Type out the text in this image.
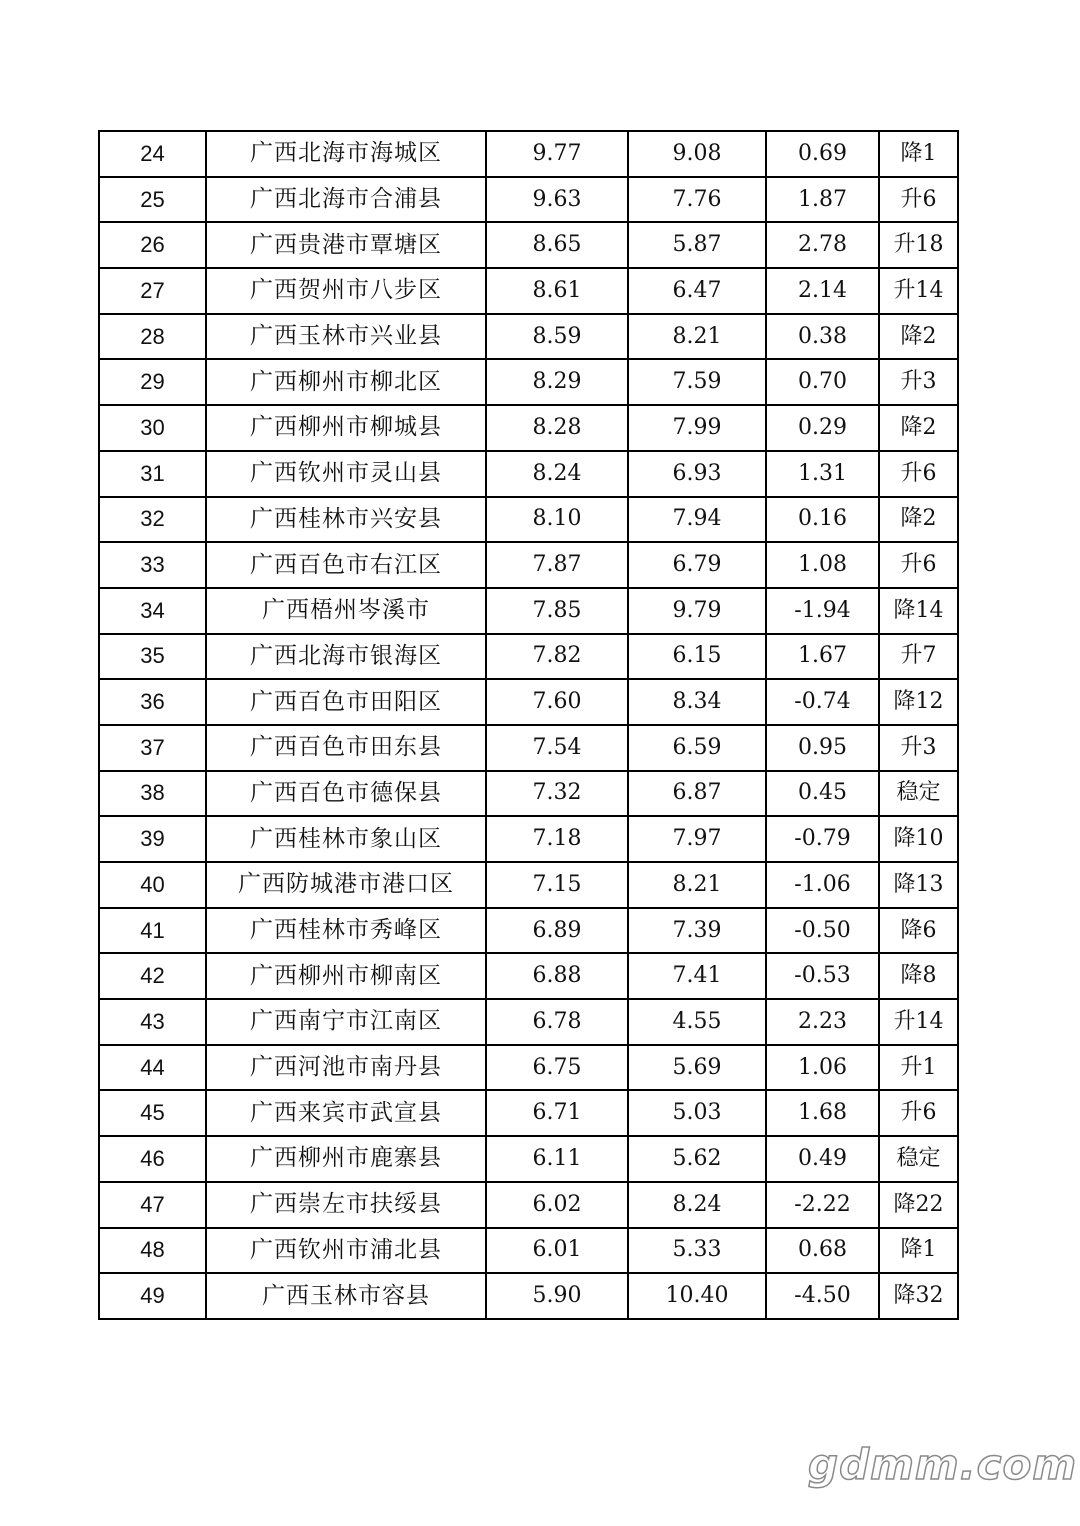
24	广西北海市海城区	9.77	9.08	0.69	降1
25	广西北海市合浦县	9.63	7.76	1.87	升6
26	广西贵港市覃塘区	8.65	5.87	2.78	升18
27	广西贺州市八步区	8.61	6.47	2.14	升14
28	广西玉林市兴业县	8.59	8.21	0.38	降2
29	广西柳州市柳北区	8.29	7.59	0.70	升3
30	广西柳州市柳城县	8.28	7.99	0.29	降2
31	广西钦州市灵山县	8.24	6.93	1.31	升6
32	广西桂林市兴安县	8.10	7.94	0.16	降2
33	广西百色市右江区	7.87	6.79	1.08	升6
34	广西梧州岑溪市	7.85	9.79	-1.94	降14
35	广西北海市银海区	7.82	6.15	1.67	升7
36	广西百色市田阳区	7.60	8.34	-0.74	降12
37	广西百色市田东县	7.54	6.59	0.95	升3
38	广西百色市德保县	7.32	6.87	0.45	稳定
39	广西桂林市象山区	7.18	7.97	-0.79	降10
40	广西防城港市港口区	7.15	8.21	-1.06	降13
41	广西桂林市秀峰区	6.89	7.39	-0.50	降6
42	广西柳州市柳南区	6.88	7.41	-0.53	降8
43	广西南宁市江南区	6.78	4.55	2.23	升14
44	广西河池市南丹县	6.75	5.69	1.06	升1
45	广西来宾市武宣县	6.71	5.03	1.68	升6
46	广西柳州市鹿寨县	6.11	5.62	0.49	稳定
47	广西崇左市扶绥县	6.02	8.24	-2.22	降22
48	广西钦州市浦北县	6.01	5.33	0.68	降1
49	广西玉林市容县	5.90	10.40	-4.50	降32
gdmm.com
